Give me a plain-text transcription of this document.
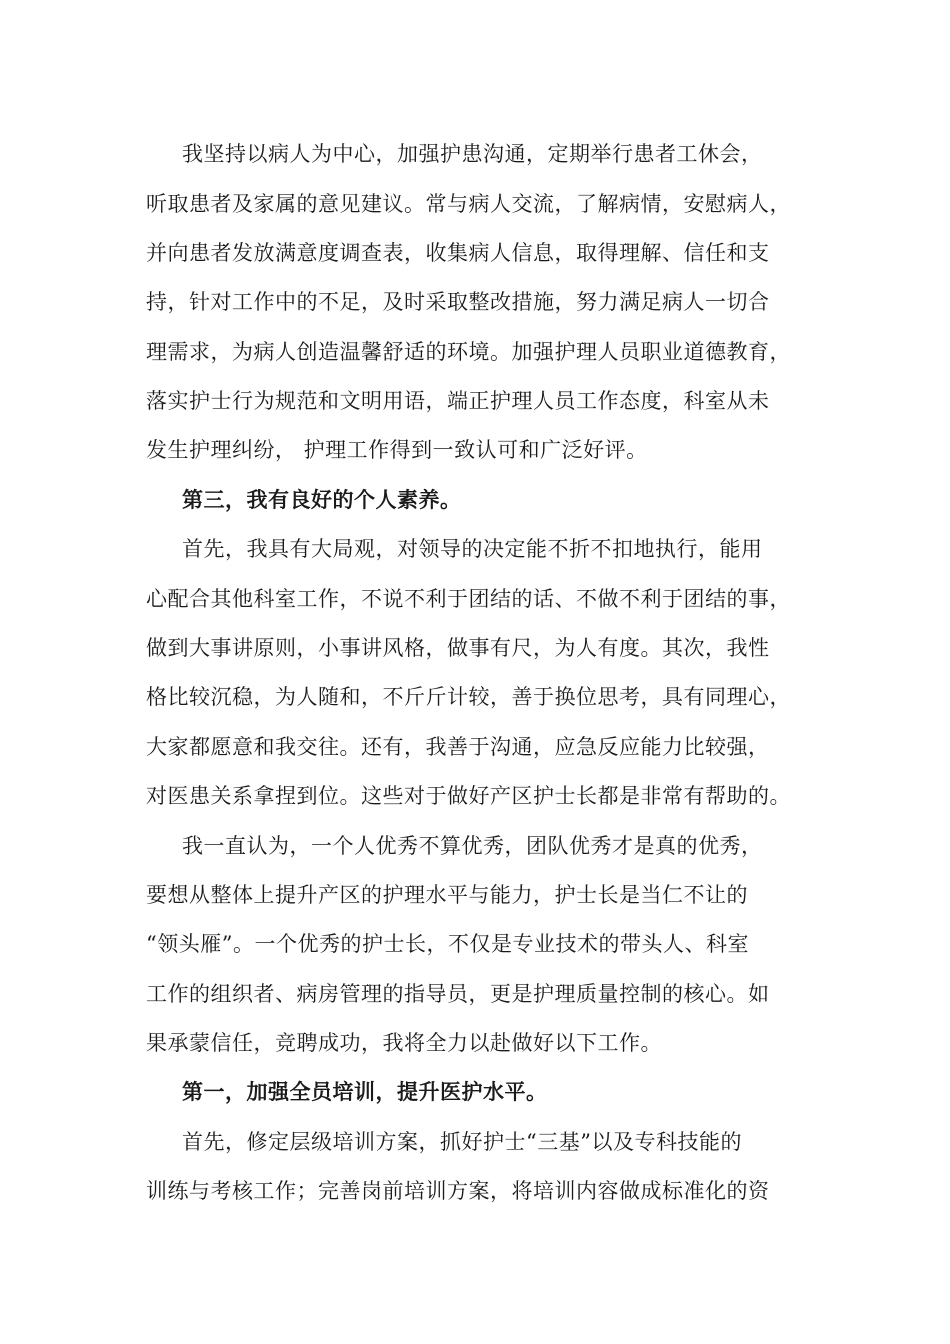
我坚持以病人为中心，加强护患沟通，定期举行患者工休会，
听取患者及家属的意见建议。常与病人交流，了解病情，安慰病人，
并向患者发放满意度调查表，收集病人信息，取得理解、信任和支
持，针对工作中的不足，及时采取整改措施，努力满足病人一切合
理需求，为病人创造温馨舒适的环境。加强护理人员职业道德教育，
落实护士行为规范和文明用语，端正护理人员工作态度，科室从未
发生护理纠纷， 护理工作得到一致认可和广泛好评。
第三，我有良好的个人素养。
首先，我具有大局观，对领导的决定能不折不扣地执行，能用
心配合其他科室工作，不说不利于团结的话、不做不利于团结的事，
做到大事讲原则，小事讲风格，做事有尺，为人有度。其次，我性
格比较沉稳，为人随和，不斤斤计较，善于换位思考，具有同理心，
大家都愿意和我交往。还有，我善于沟通，应急反应能力比较强，
对医患关系拿捏到位。这些对于做好产区护士长都是非常有帮助的。
我一直认为，一个人优秀不算优秀，团队优秀才是真的优秀，
要想从整体上提升产区的护理水平与能力，护士长是当仁不让的
“领头雁”。一个优秀的护士长，不仅是专业技术的带头人、科室
工作的组织者、病房管理的指导员，更是护理质量控制的核心。如
果承蒙信任，竞聘成功，我将全力以赴做好以下工作。
第一，加强全员培训，提升医护水平。
首先，修定层级培训方案，抓好护士“三基”以及专科技能的
训练与考核工作；完善岗前培训方案，将培训内容做成标准化的资
